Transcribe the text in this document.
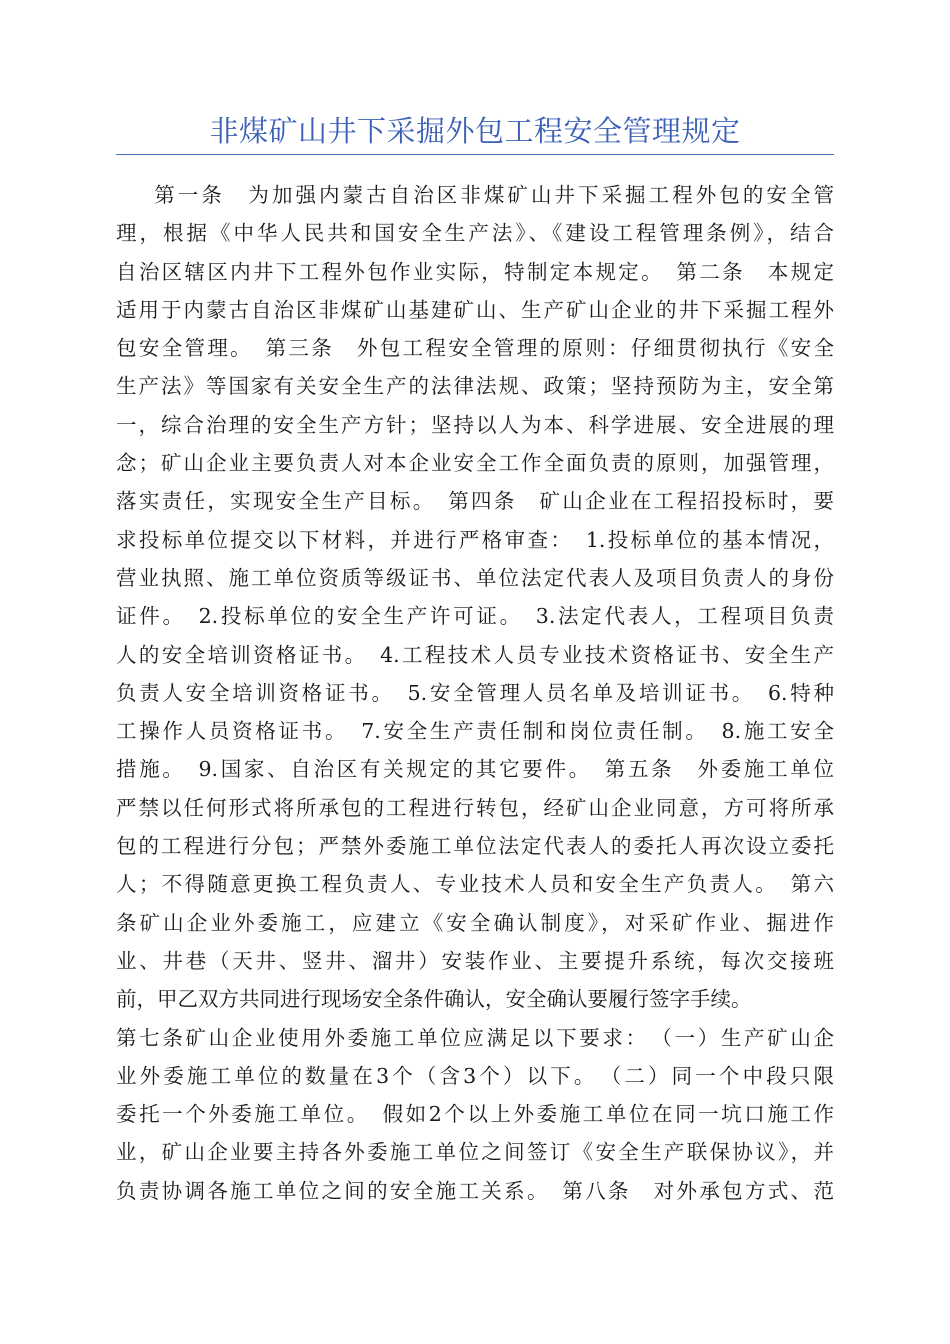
非煤矿山井下采掘外包工程安全管理规定
第一条　为加强内蒙古自治区非煤矿山井下采掘工程外包的安全管
理，根据《中华人民共和国安全生产法》、《建设工程管理条例》，结合
自治区辖区内井下工程外包作业实际，特制定本规定。　第二条　本规定
适用于内蒙古自治区非煤矿山基建矿山、生产矿山企业的井下采掘工程外
包安全管理。　第三条　外包工程安全管理的原则：仔细贯彻执行《安全
生产法》等国家有关安全生产的法律法规、政策；坚持预防为主，安全第
一，综合治理的安全生产方针；坚持以人为本、科学进展、安全进展的理
念；矿山企业主要负责人对本企业安全工作全面负责的原则，加强管理，
落实责任，实现安全生产目标。　第四条　矿山企业在工程招投标时，要
求投标单位提交以下材料，并进行严格审查：　1.投标单位的基本情况，
营业执照、施工单位资质等级证书、单位法定代表人及项目负责人的身份
证件。　2.投标单位的安全生产许可证。　3.法定代表人，工程项目负责
人的安全培训资格证书。　4.工程技术人员专业技术资格证书、安全生产
负责人安全培训资格证书。　5.安全管理人员名单及培训证书。　6.特种
工操作人员资格证书。　7.安全生产责任制和岗位责任制。　8.施工安全
措施。　9.国家、自治区有关规定的其它要件。　第五条　外委施工单位
严禁以任何形式将所承包的工程进行转包，经矿山企业同意，方可将所承
包的工程进行分包；严禁外委施工单位法定代表人的委托人再次设立委托
人；不得随意更换工程负责人、专业技术人员和安全生产负责人。　第六
条矿山企业外委施工，应建立《安全确认制度》，对采矿作业、掘进作
业、井巷（天井、竖井、溜井）安装作业、主要提升系统，每次交接班
前，甲乙双方共同进行现场安全条件确认，安全确认要履行签字手续。
第七条矿山企业使用外委施工单位应满足以下要求：　（一）生产矿山企
业外委施工单位的数量在3个（含3个）以下。　（二）同一个中段只限
委托一个外委施工单位。　假如2个以上外委施工单位在同一坑口施工作
业，矿山企业要主持各外委施工单位之间签订《安全生产联保协议》，并
负责协调各施工单位之间的安全施工关系。　第八条　对外承包方式、范
